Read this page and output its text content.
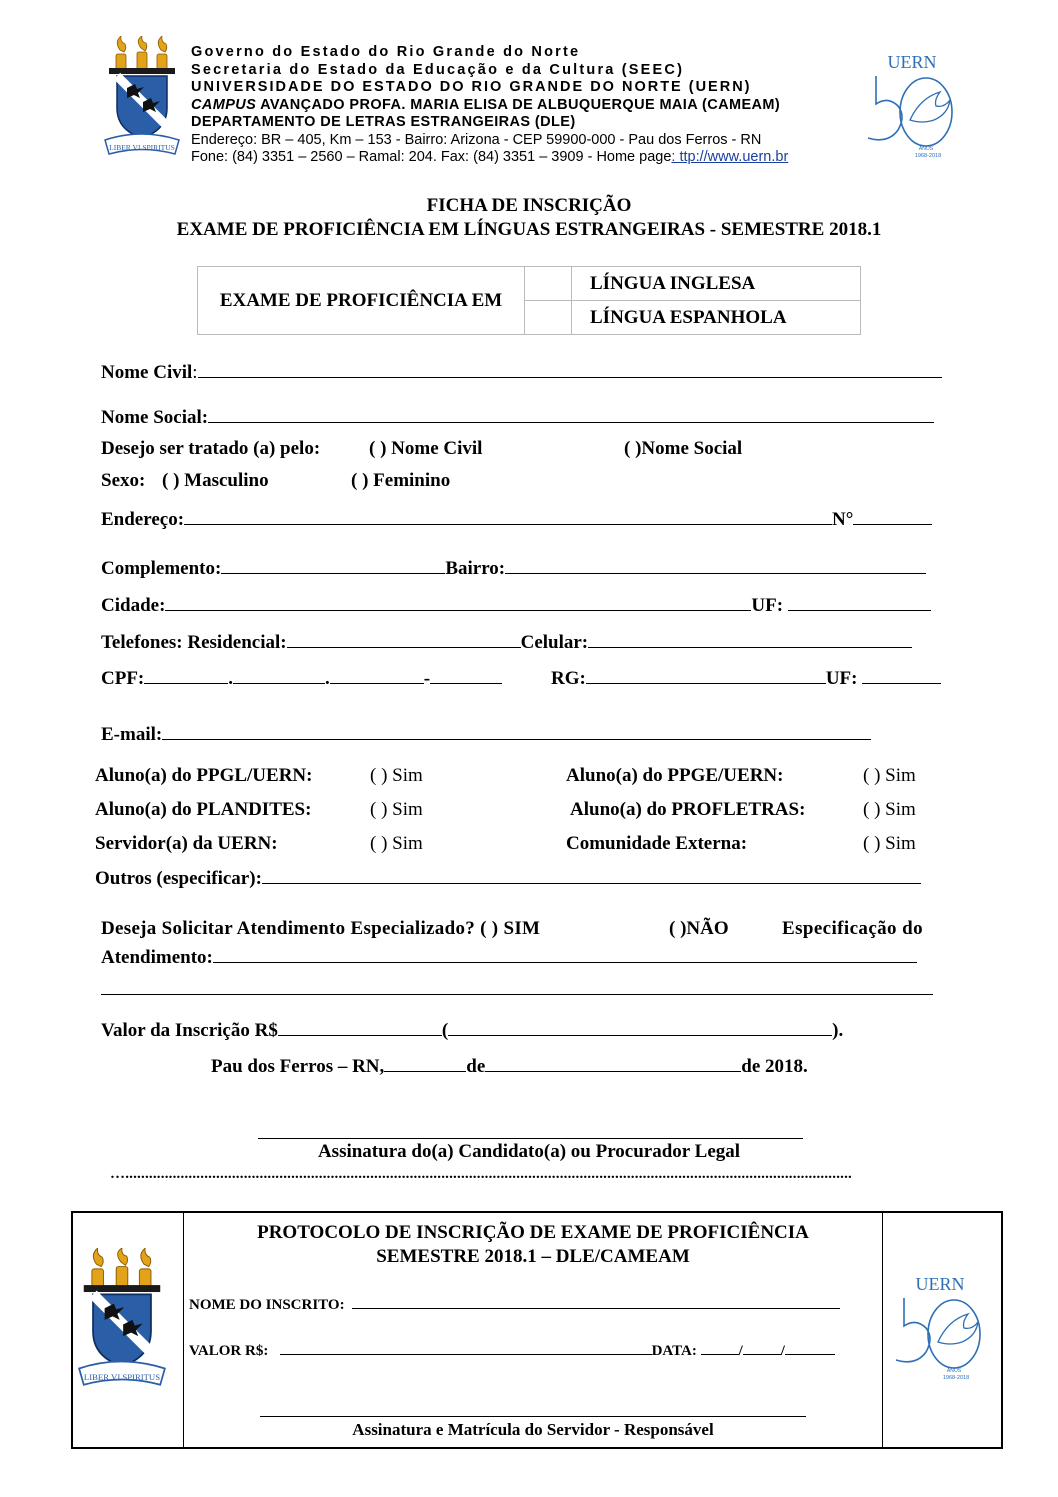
LIBER VI SPIRITUS
Governo do Estado do Rio Grande do Norte
Secretaria do Estado da Educação e da Cultura (SEEC)
UNIVERSIDADE DO ESTADO DO RIO GRANDE DO NORTE (UERN)
CAMPUS AVANÇADO PROFA. MARIA ELISA DE ALBUQUERQUE MAIA (CAMEAM)
DEPARTAMENTO DE LETRAS ESTRANGEIRAS (DLE)
Endereço: BR – 405, Km – 153 - Bairro: Arizona - CEP 59900-000 - Pau dos Ferros - RN
Fone: (84) 3351 – 2560 – Ramal: 204. Fax: (84) 3351 – 3909 - Home page: ttp://www.uern.br
UERN
ANOS
1968-2018
FICHA DE INSCRIÇÃO
EXAME DE PROFICIÊNCIA EM LÍNGUAS ESTRANGEIRAS - SEMESTRE 2018.1
EXAME DE PROFICIÊNCIA EM		LÍNGUA INGLESA
		LÍNGUA ESPANHOLA
Nome Civil:
Nome Social:
Desejo ser tratado (a) pelo:	( ) Nome Civil	( )Nome Social
Sexo: ( ) Masculino	( ) Feminino
Endereço:	N°
Complemento:	Bairro:
Cidade:	UF:
Telefones: Residencial:	Celular:
CPF:	.	.	-	RG:	UF:
E-mail:
Aluno(a) do PPGL/UERN:	( ) Sim	Aluno(a) do PPGE/UERN:	( ) Sim
Aluno(a) do PLANDITES:	( ) Sim	Aluno(a) do PROFLETRAS:	( ) Sim
Servidor(a) da UERN:	( ) Sim	Comunidade Externa:	( ) Sim
Outros (especificar):
Deseja Solicitar Atendimento Especializado? ( ) SIM	( )NÃO	Especificação do
Atendimento:
Valor da Inscrição R$	(	).
Pau dos Ferros – RN,	de	de 2018.
Assinatura do(a) Candidato(a) ou Procurador Legal
…........................................................................................................................................................................................
LIBER VI SPIRITUS
UERN
ANOS
1968-2018
PROTOCOLO DE INSCRIÇÃO DE EXAME DE PROFICIÊNCIA
SEMESTRE 2018.1 – DLE/CAMEAM
NOME DO INSCRITO:
VALOR R$:	DATA:	/	/
Assinatura e Matrícula do Servidor - Responsável
